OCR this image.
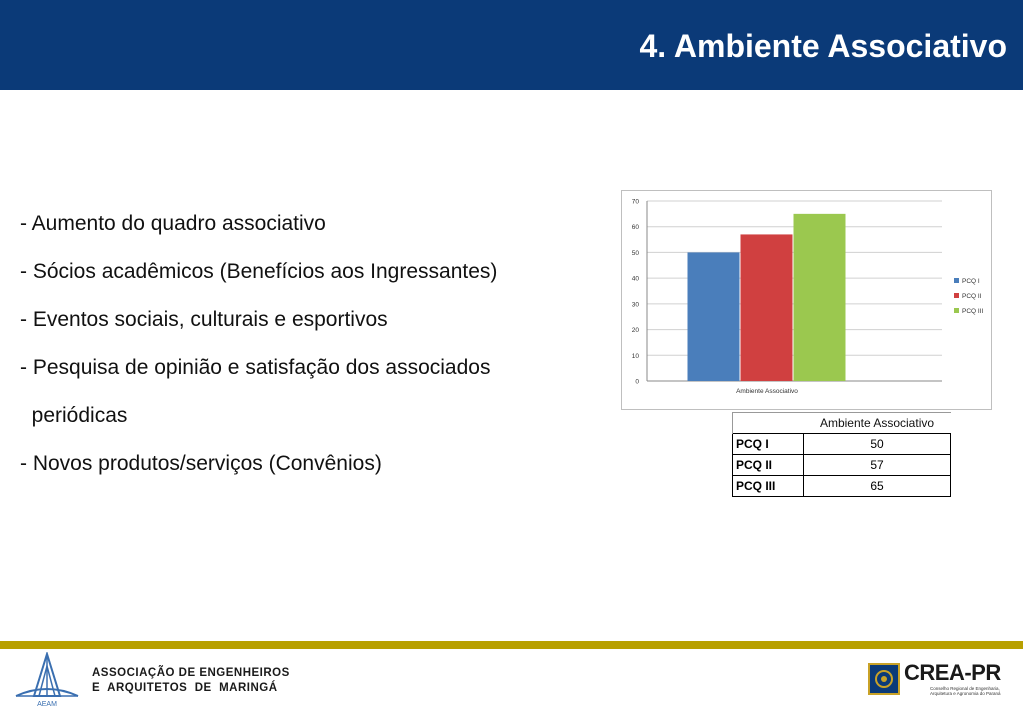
4. Ambiente Associativo
- Aumento do quadro associativo
- Sócios acadêmicos (Benefícios aos Ingressantes)
- Eventos sociais, culturais e esportivos
- Pesquisa de opinião e satisfação dos associados
periódicas
- Novos produtos/serviços (Convênios)
0
10
20
30
40
50
60
70
Ambiente Associativo
PCQ I
PCQ II
PCQ III
	Ambiente Associativo
PCQ I	50
PCQ II	57
PCQ III	65
AEAM
ASSOCIAÇÃO DE ENGENHEIROS
E  ARQUITETOS  DE  MARINGÁ
CREA-PR
Conselho Regional de Engenharia, Arquitetura e Agronomia do Paraná
